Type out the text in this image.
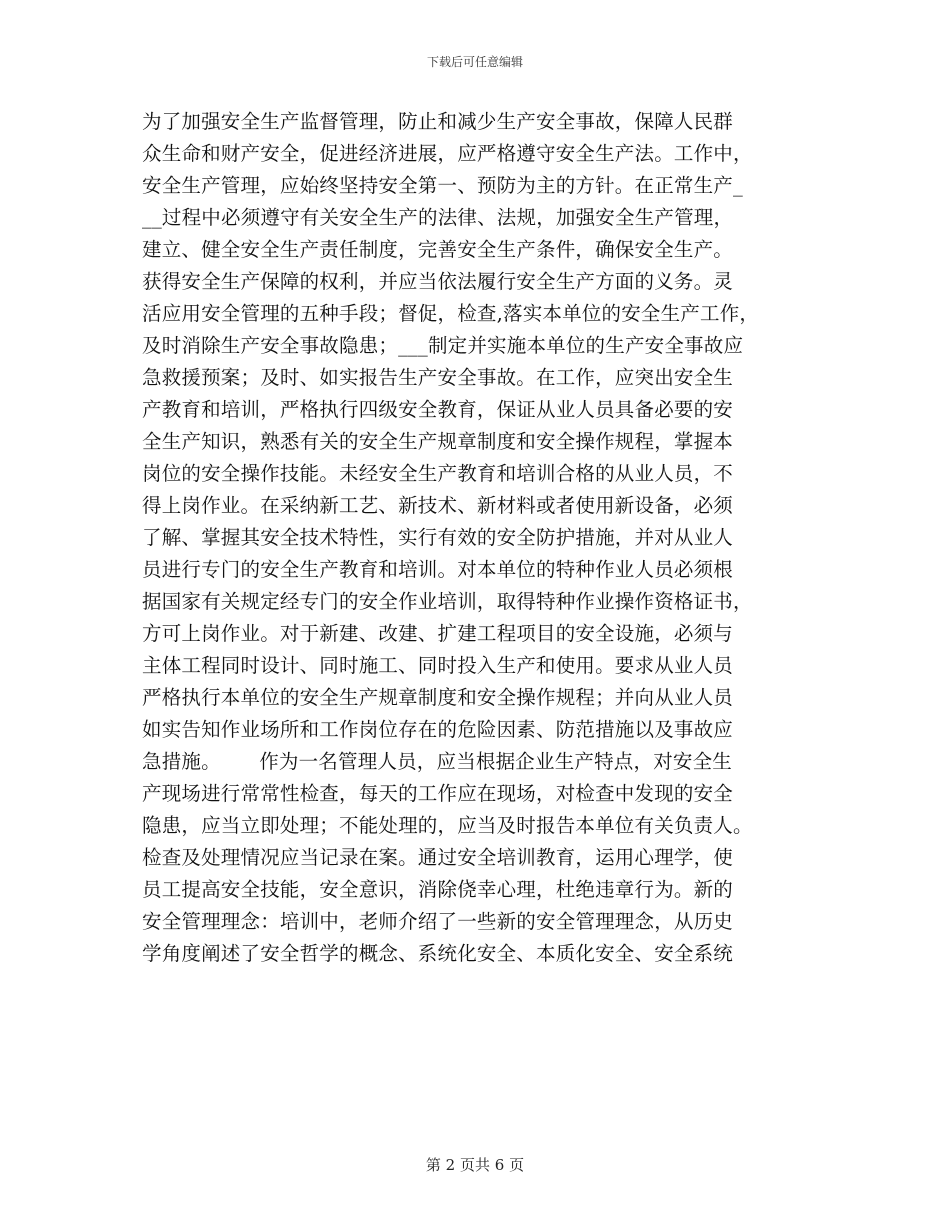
下载后可任意编辑
为了加强安全生产监督管理，防止和减少生产安全事故，保障人民群
众生命和财产安全，促进经济进展，应严格遵守安全生产法。工作中，
安全生产管理，应始终坚持安全第一、预防为主的方针。在正常生产_
__过程中必须遵守有关安全生产的法律、法规，加强安全生产管理，
建立、健全安全生产责任制度，完善安全生产条件，确保安全生产。
获得安全生产保障的权利，并应当依法履行安全生产方面的义务。灵
活应用安全管理的五种手段；督促，检查,落实本单位的安全生产工作，
及时消除生产安全事故隐患；___制定并实施本单位的生产安全事故应
急救援预案；及时、如实报告生产安全事故。在工作，应突出安全生
产教育和培训，严格执行四级安全教育，保证从业人员具备必要的安
全生产知识，熟悉有关的安全生产规章制度和安全操作规程，掌握本
岗位的安全操作技能。未经安全生产教育和培训合格的从业人员，不
得上岗作业。在采纳新工艺、新技术、新材料或者使用新设备，必须
了解、掌握其安全技术特性，实行有效的安全防护措施，并对从业人
员进行专门的安全生产教育和培训。对本单位的特种作业人员必须根
据国家有关规定经专门的安全作业培训，取得特种作业操作资格证书，
方可上岗作业。对于新建、改建、扩建工程项目的安全设施，必须与
主体工程同时设计、同时施工、同时投入生产和使用。要求从业人员
严格执行本单位的安全生产规章制度和安全操作规程；并向从业人员
如实告知作业场所和工作岗位存在的危险因素、防范措施以及事故应
急措施。      作为一名管理人员，应当根据企业生产特点，对安全生
产现场进行常常性检查，每天的工作应在现场，对检查中发现的安全
隐患，应当立即处理；不能处理的，应当及时报告本单位有关负责人。
检查及处理情况应当记录在案。通过安全培训教育，运用心理学，使
员工提高安全技能，安全意识，消除侥幸心理，杜绝违章行为。新的
安全管理理念：培训中，老师介绍了一些新的安全管理理念，从历史
学角度阐述了安全哲学的概念、系统化安全、本质化安全、安全系统
第 2 页共 6 页
